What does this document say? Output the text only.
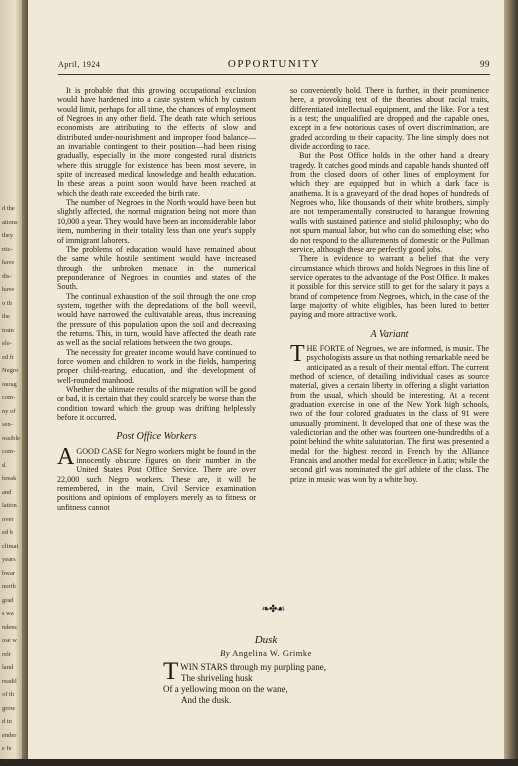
d the
ations
they
rtic-
have
dis-
have
o th
the
train
ele-
ed fr
Negro
ourag
com-
ny of
sen-
ossible
com-
d.
break
and
lation
over
ed b
climat
years
hwar
north
grad
s wa
ndenc
ose w
relr
land
readil
of th
grow
d tu
ender
e fe
ch w
April, 1924	OPPORTUNITY	99

It is probable that this growing occupational exclusion would have hardened into a caste system which by custom would limit, perhaps for all time, the chances of employment of Negroes in any other field. The death rate which serious economists are attributing to the effects of slow and distributed under-nourishment and improper food balance—an invariable contingent to their position—had been rising gradually, especially in the more congested rural districts where this struggle for existence has been most severe, in spite of increased medical knowledge and health education. In these areas a point soon would have been reached at which the death rate exceeded the birth rate.

The number of Negroes in the North would have been but slightly affected, the normal migration being not more than 10,000 a year. They would have been an inconsiderable labor item, numbering in their totality less than one year's supply of immigrant laborers.

The problems of education would have remained about the same while hostile sentiment would have increased through the unbroken menace in the numerical preponderance of Negroes in counties and states of the South.

The continual exhaustion of the soil through the one crop system, together with the depredations of the boll weevil, would have narrowed the cultivatable areas, thus increasing the pressure of this population upon the soil and decreasing the returns. This, in turn, would have affected the death rate as well as the social relations between the two groups.

The necessity for greater income would have continued to force women and children to work in the fields, hampering proper child-rearing, education, and the development of well-rounded manhood.

Whether the ultimate results of the migration will be good or bad, it is certain that they could scarcely be worse than the condition toward which the group was drifting helplessly before it occurred.

Post Office Workers

AGOOD CASE for Negro workers might be found in the innocently obscure figures on their number in the United States Post Office Service. There are over 22,000 such Negro workers. These are, it will be remembered, in the main, Civil Service examination positions and opinions of employers merely as to fitness or unfitness cannot

so conveniently hold. There is further, in their prominence here, a provoking test of the theories about racial traits, differentiated intellectual equipment, and the like. For a test is a test; the unqualified are dropped and the capable ones, except in a few notorious cases of overt discrimination, are graded according to their capacity. The line simply does not divide according to race.

But the Post Office holds in the other hand a dreary tragedy. It catches good minds and capable hands shunted off from the closed doors of other lines of employment for which they are equipped but in which a dark face is anathema. It is a graveyard of the dead hopes of hundreds of Negroes who, like thousands of their white brothers, simply are not temperamentally constructed to harangue frowning walls with sustained patience and stolid philosophy; who do not spurn manual labor, but who can do something else; who do not respond to the allurements of domestic or the Pullman service, although these are perfectly good jobs.

There is evidence to warrant a belief that the very circumstance which throws and holds Negroes in this line of service operates to the advantage of the Post Office. It makes it possible for this service still to get for the salary it pays a brand of competence from Negroes, which, in the case of the large majority of white eligibles, has been lured to better paying and more attractive work.

A Variant

THE FORTE of Negroes, we are informed, is music. The psychologists assure us that nothing remarkable need be anticipated as a result of their mental effort. The current method of science, of detailing individual cases as source material, gives a certain liberty in offering a slight variation from the usual, which should be interesting. At a recent graduation exercise in one of the New York high schools, two of the four colored graduates in the class of 91 were unusually prominent. It developed that one of these was the valedictorian and the other was fourteen one-hundredths of a point behind the white salutatorian. The first was presented a medal for the highest record in French by the Alliance Francais and another medal for excellence in Latin; while the second girl was nominated the girl athlete of the class. The prize in music was won by a white boy.

❧✤☙
Dusk
By Angelina W. Grimke
TWIN STARS through my purpling pane,
The shriveling husk
Of a yellowing moon on the wane,
And the dusk.
